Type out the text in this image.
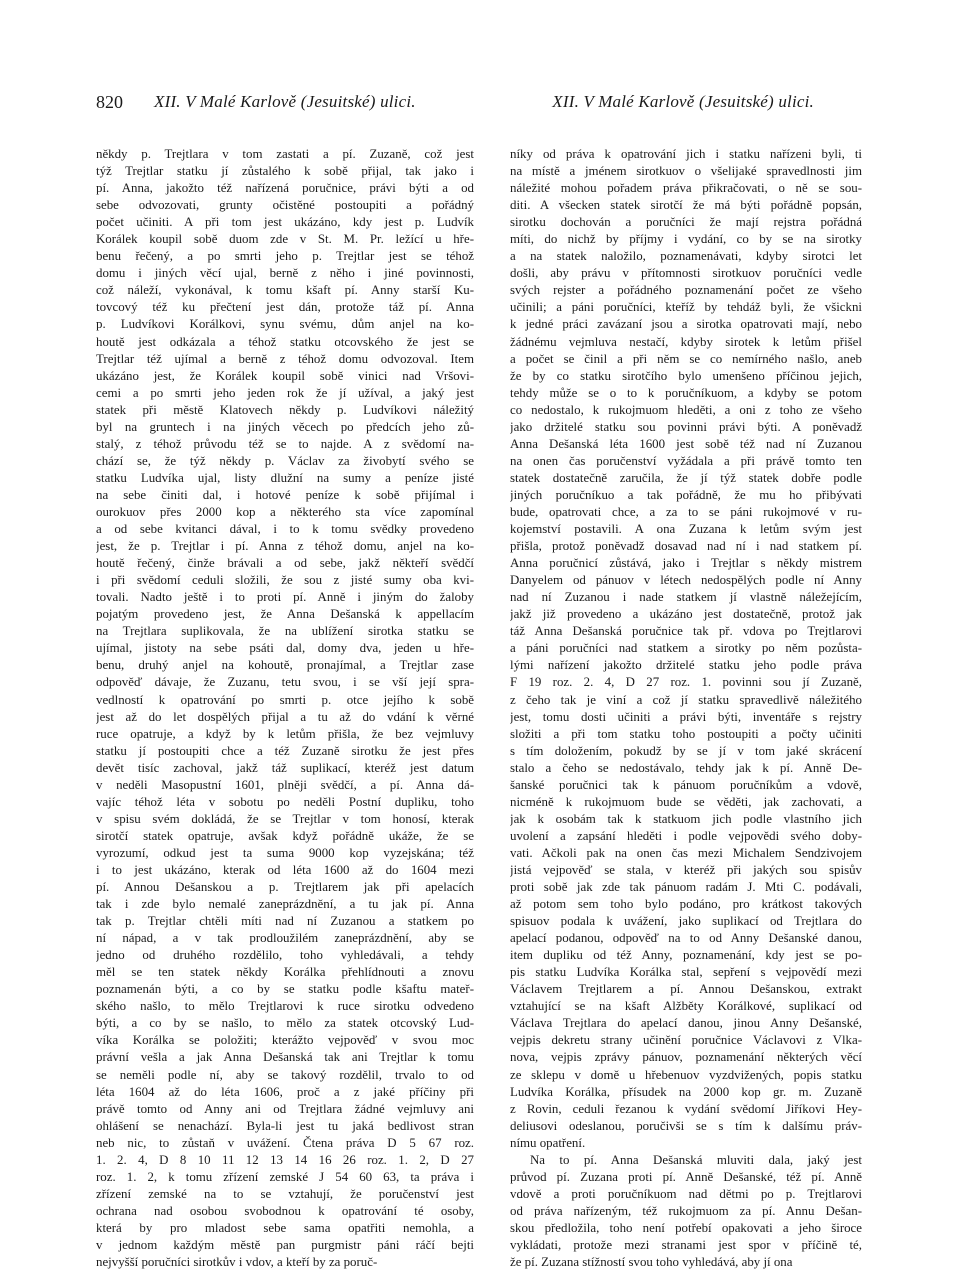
820 XII. V Malé Karlově (Jesuitské) ulici.	XII. V Malé Karlově (Jesuitské) ulici.
někdy p. Trejtlara v tom zastati a pí. Zuzaně, což jest
týž Trejtlar statku jí zůstalého k sobě přijal, tak jako i
pí. Anna, jakožto též nařízená poručnice, právi býti a od
sebe odvozovati, grunty očistěné postoupiti a pořádný
počet učiniti. A při tom jest ukázáno, kdy jest p. Ludvík
Korálek koupil sobě duom zde v St. M. Pr. ležící u hře-
benu řečený, a po smrti jeho p. Trejtlar jest se téhož
domu i jiných věcí ujal, berně z něho i jiné povinnosti,
což náleží, vykonával, k tomu kšaft pí. Anny starší Ku-
tovcový též ku přečtení jest dán, protože táž pí. Anna
p. Ludvíkovi Korálkovi, synu svému, dům anjel na ko-
houtě jest odkázala a téhož statku otcovského že jest se
Trejtlar též ujímal a berně z téhož domu odvozoval. Item
ukázáno jest, že Korálek koupil sobě vinici nad Vršovi-
cemi a po smrti jeho jeden rok že jí užíval, a jaký jest
statek při městě Klatovech někdy p. Ludvíkovi náležitý
byl na gruntech i na jiných věcech po předcích jeho zů-
stalý, z téhož průvodu též se to najde. A z svědomí na-
chází se, že týž někdy p. Václav za živobytí svého se
statku Ludvíka ujal, listy dlužní na sumy a peníze jisté
na sebe činiti dal, i hotové peníze k sobě přijímal i
ourokuov přes 2000 kop a některého sta více zapomínal
a od sebe kvitanci dával, i to k tomu svědky provedeno
jest, že p. Trejtlar i pí. Anna z téhož domu, anjel na ko-
houtě řečený, činže brávali a od sebe, jakž někteří svědčí
i při svědomí ceduli složili, že sou z jisté sumy oba kvi-
tovali. Nadto ještě i to proti pí. Anně i jiným do žaloby
pojatým provedeno jest, že Anna Dešanská k appellacím
na Trejtlara suplikovala, že na ublížení sirotka statku se
ujímal, jistoty na sebe psáti dal, domy dva, jeden u hře-
benu, druhý anjel na kohoutě, pronajímal, a Trejtlar zase
odpověď dávaje, že Zuzanu, tetu svou, i se vší její spra-
vedlností k opatrování po smrti p. otce jejího k sobě
jest až do let dospělých přijal a tu až do vdání k věrné
ruce opatruje, a když by k letům přišla, že bez vejmluvy
statku jí postoupiti chce a též Zuzaně sirotku že jest přes
devět tisíc zachoval, jakž táž suplikací, kteréž jest datum
v neděli Masopustní 1601, plněji svědčí, a pí. Anna dá-
vajíc téhož léta v sobotu po neděli Postní dupliku, toho
v spisu svém dokládá, že se Trejtlar v tom honosí, kterak
sirotčí statek opatruje, avšak když pořádně ukáže, že se
vyrozumí, odkud jest ta suma 9000 kop vyzejskána; též
i to jest ukázáno, kterak od léta 1600 až do 1604 mezi
pí. Annou Dešanskou a p. Trejtlarem jak při apelacích
tak i zde bylo nemalé zaneprázdnění, a tu jak pí. Anna
tak p. Trejtlar chtěli míti nad ní Zuzanou a statkem po
ní nápad, a v tak prodloužilém zaneprázdnění, aby se
jedno od druhého rozdělilo, toho vyhledávali, a tehdy
měl se ten statek někdy Korálka přehlídnouti a znovu
poznamenán býti, a co by se statku podle kšaftu mateř-
ského našlo, to mělo Trejtlarovi k ruce sirotku odvedeno
býti, a co by se našlo, to mělo za statek otcovský Lud-
víka Korálka se položiti; kterážto vejpověď v svou moc
právní vešla a jak Anna Dešanská tak ani Trejtlar k tomu
se neměli podle ní, aby se takový rozdělil, trvalo to od
léta 1604 až do léta 1606, proč a z jaké příčiny při
právě tomto od Anny ani od Trejtlara žádné vejmluvy ani
ohlášení se nenachází. Byla-li jest tu jaká bedlivost stran
neb nic, to zůstaň v uvážení. Čtena práva D 5 67 roz.
1. 2. 4, D 8 10 11 12 13 14 16 26 roz. 1. 2, D 27
roz. 1. 2, k tomu zřízení zemské J 54 60 63, ta práva i
zřízení zemské na to se vztahují, že poručenství jest
ochrana nad osobou svobodnou k opatrování té osoby,
která by pro mladost sebe sama opatřiti nemohla, a
v jednom každým městě pan purgmistr páni ráčí bejti
nejvyšší poručníci sirotkův i vdov, a kteří by za poruč-
níky od práva k opatrování jich i statku nařízeni byli, ti
na místě a jménem sirotkuov o všelijaké spravedlnosti jim
náležité mohou pořadem práva přikračovati, o ně se sou-
diti. A všecken statek sirotčí že má býti pořádně popsán,
sirotku dochován a poručníci že mají rejstra pořádná
míti, do nichž by příjmy i vydání, co by se na sirotky
a na statek naložilo, poznamenávati, kdyby sirotci let
došli, aby právu v přítomnosti sirotkuov poručníci vedle
svých rejster a pořádného poznamenání počet ze všeho
učinili; a páni poručníci, kteříž by tehdáž byli, že všickni
k jedné práci zavázaní jsou a sirotka opatrovati mají, nebo
žádnému vejmluva nestačí, kdyby sirotek k letům přišel
a počet se činil a při něm se co nemírného našlo, aneb
že by co statku sirotčího bylo umenšeno příčinou jejich,
tehdy může se o to k poručníkuom, a kdyby se potom
co nedostalo, k rukojmuom hleděti, a oni z toho ze všeho
jako držitelé statku sou povinni právi býti. A poněvadž
Anna Dešanská léta 1600 jest sobě též nad ní Zuzanou
na onen čas poručenství vyžádala a při právě tomto ten
statek dostatečně zaručila, že jí týž statek dobře podle
jiných poručníkuo a tak pořádně, že mu ho přibývati
bude, opatrovati chce, a za to se páni rukojmové v ru-
kojemství postavili. A ona Zuzana k letům svým jest
přišla, protož poněvadž dosavad nad ní i nad statkem pí.
Anna poručnicí zůstává, jako i Trejtlar s někdy mistrem
Danyelem od pánuov v létech nedospělých podle ní Anny
nad ní Zuzanou i nade statkem jí vlastně náležejícím,
jakž již provedeno a ukázáno jest dostatečně, protož jak
táž Anna Dešanská poručnice tak př. vdova po Trejtlarovi
a páni poručníci nad statkem a sirotky po něm pozůsta-
lými nařízení jakožto držitelé statku jeho podle práva
F 19 roz. 2. 4, D 27 roz. 1. povinni sou jí Zuzaně,
z čeho tak je viní a což jí statku spravedlivě náležitého
jest, tomu dosti učiniti a právi býti, inventáře s rejstry
složiti a při tom statku toho postoupiti a počty učiniti
s tím doložením, pokudž by se jí v tom jaké skrácení
stalo a čeho se nedostávalo, tehdy jak k pí. Anně De-
šanské poručnici tak k pánuom poručníkům a vdově,
nicméně k rukojmuom bude se věděti, jak zachovati, a
jak k osobám tak k statkuom jich podle vlastního jich
uvolení a zapsání hleděti i podle vejpovědi svého doby-
vati. Ačkoli pak na onen čas mezi Michalem Sendzivojem
jistá vejpověď se stala, v kteréž při jakých sou spisův
proti sobě jak zde tak pánuom radám J. Mti C. podávali,
až potom sem toho bylo podáno, pro krátkost takových
spisuov podala k uvážení, jako suplikací od Trejtlara do
apelací podanou, odpověď na to od Anny Dešanské danou,
item dupliku od též Anny, poznamenání, kdy jest se po-
pis statku Ludvíka Korálka stal, sepření s vejpovědí mezi
Václavem Trejtlarem a pí. Annou Dešanskou, extrakt
vztahující se na kšaft Alžběty Korálkové, suplikací od
Václava Trejtlara do apelací danou, jinou Anny Dešanské,
vejpis dekretu strany učinění poručnice Václavovi z Vlka-
nova, vejpis zprávy pánuov, poznamenání některých věcí
ze sklepu v domě u hřebenuov vyzdvižených, popis statku
Ludvíka Korálka, přísudek na 2000 kop gr. m. Zuzaně
z Rovin, ceduli řezanou k vydání svědomí Jiříkovi Hey-
deliusovi odeslanou, poručivši se s tím k dalšímu práv-
nímu opatření.
Na to pí. Anna Dešanská mluviti dala, jaký jest
průvod pí. Zuzana proti pí. Anně Dešanské, též pí. Anně
vdově a proti poručníkuom nad dětmi po p. Trejtlarovi
od práva nařízeným, též rukojmuom za pí. Annu Dešan-
skou předložila, toho není potřebí opakovati a jeho široce
vykládati, protože mezi stranami jest spor v příčině té,
že pí. Zuzana stížností svou toho vyhledává, aby jí ona
